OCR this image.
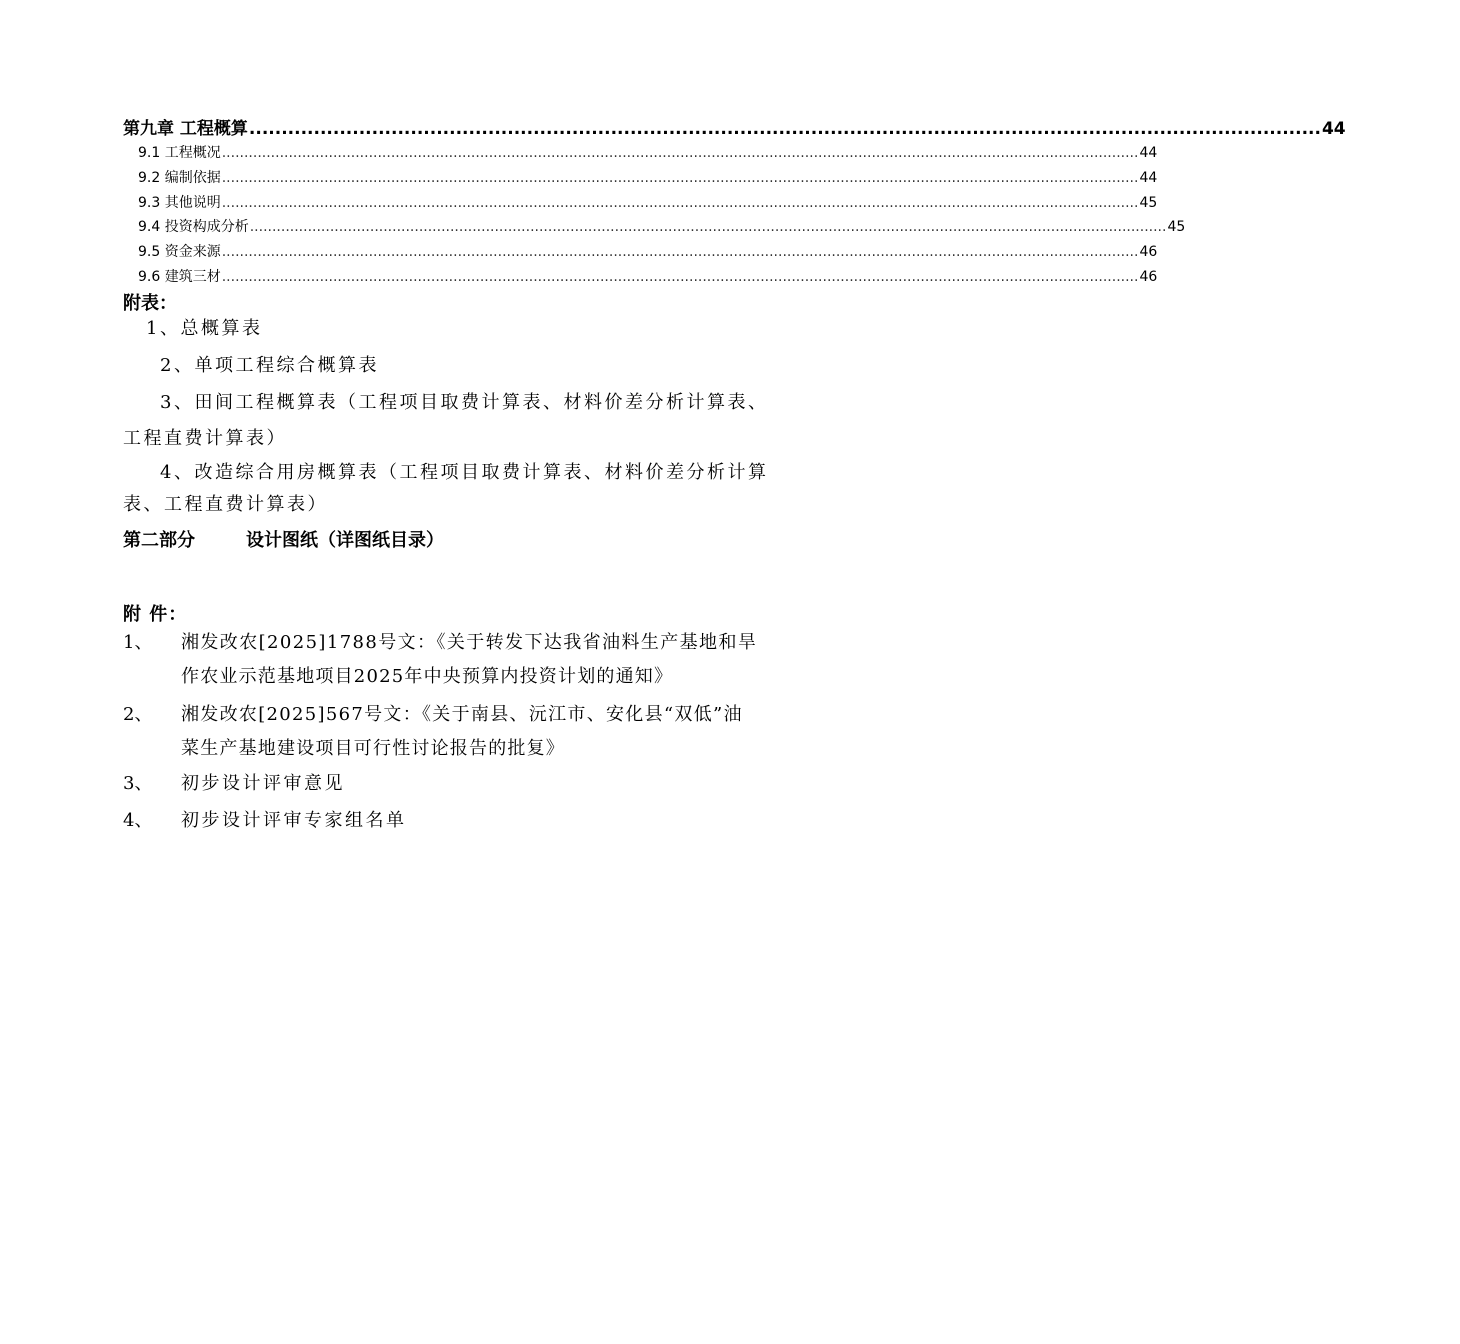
第九章 工程概算 ...................................................................................................................................................................... 44
9.1 工程概况 .............................................................................................................................................................................................................. 44
9.2 编制依据 .............................................................................................................................................................................................................. 44
9.3 其他说明 .............................................................................................................................................................................................................. 45
9.4 投资构成分析 .............................................................................................................................................................................................................. 45
9.5 资金来源 .............................................................................................................................................................................................................. 46
9.6 建筑三材 .............................................................................................................................................................................................................. 46
附表：
1、总概算表
2、单项工程综合概算表
3、田间工程概算表（工程项目取费计算表、材料价差分析计算表、
工程直费计算表）
4、改造综合用房概算表（工程项目取费计算表、材料价差分析计算
表、工程直费计算表）
第二部分	设计图纸（详图纸目录）
附 件：
1、 湘发改农[2025]1788号文：《关于转发下达我省油料生产基地和旱
作农业示范基地项目2025年中央预算内投资计划的通知》
2、 湘发改农[2025]567号文：《关于南县、沅江市、安化县“双低”油
菜生产基地建设项目可行性讨论报告的批复》
3、 初步设计评审意见
4、 初步设计评审专家组名单
